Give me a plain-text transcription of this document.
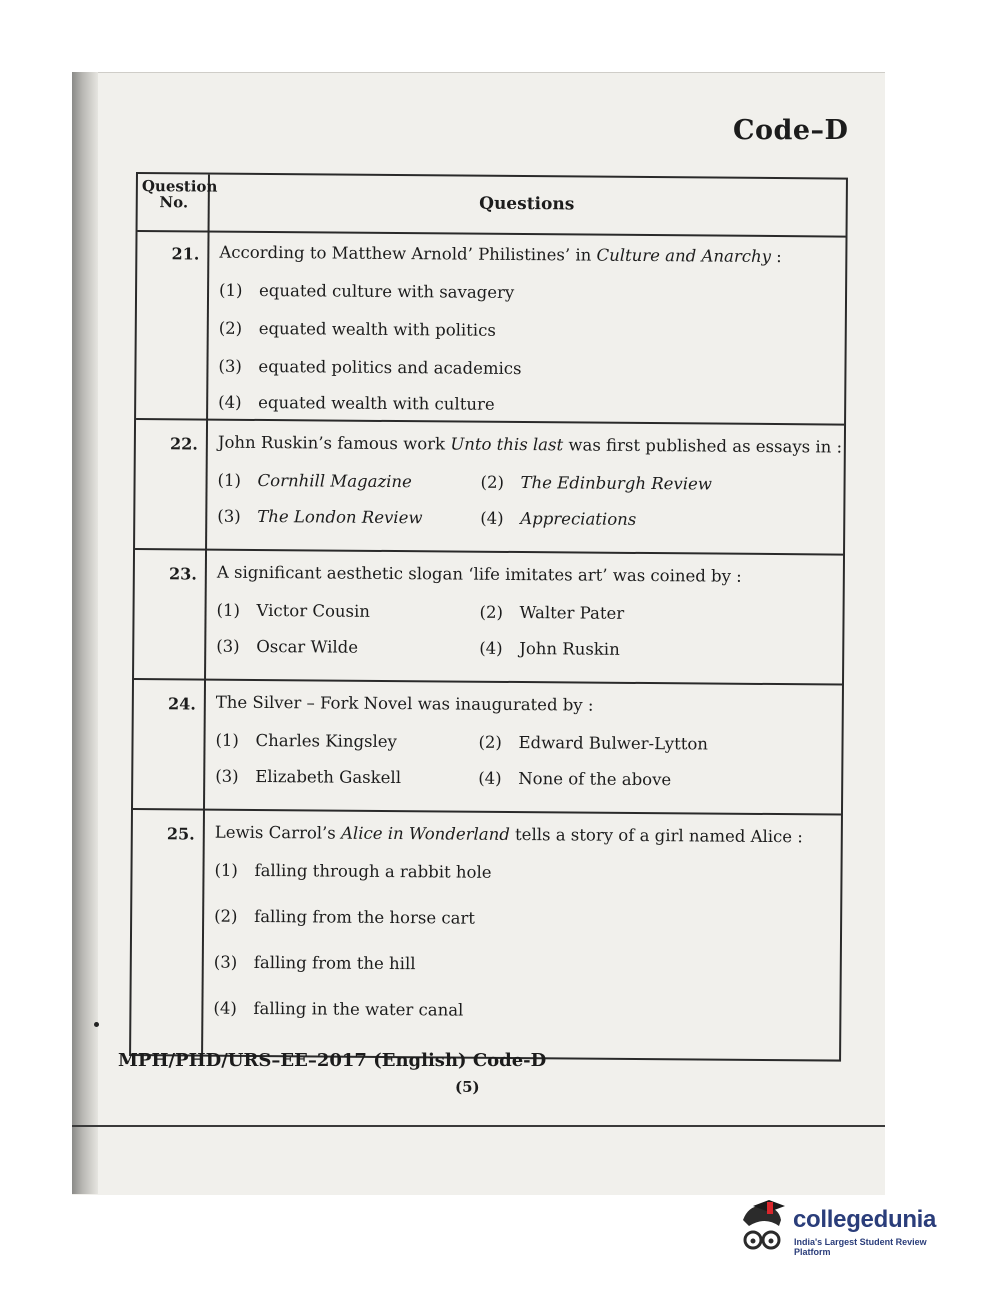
Code–D
Question No.	Questions
21. According to Matthew Arnold’ Philistines’ in Culture and Anarchy :
(1) equated culture with savagery
(2) equated wealth with politics
(3) equated politics and academics
(4) equated wealth with culture
22. John Ruskin’s famous work Unto this last was first published as essays in :
(1) Cornhill Magazine	(2) The Edinburgh Review
(3) The London Review	(4) Appreciations
23. A significant aesthetic slogan ‘life imitates art’ was coined by :
(1) Victor Cousin	(2) Walter Pater
(3) Oscar Wilde	(4) John Ruskin
24. The Silver – Fork Novel was inaugurated by :
(1) Charles Kingsley	(2) Edward Bulwer-Lytton
(3) Elizabeth Gaskell	(4) None of the above
25. Lewis Carrol’s Alice in Wonderland tells a story of a girl named Alice :
(1) falling through a rabbit hole
(2) falling from the horse cart
(3) falling from the hill
(4) falling in the water canal
MPH/PHD/URS–EE–2017 (English) Code-D
(5)
collegedunia
India's Largest Student Review Platform
